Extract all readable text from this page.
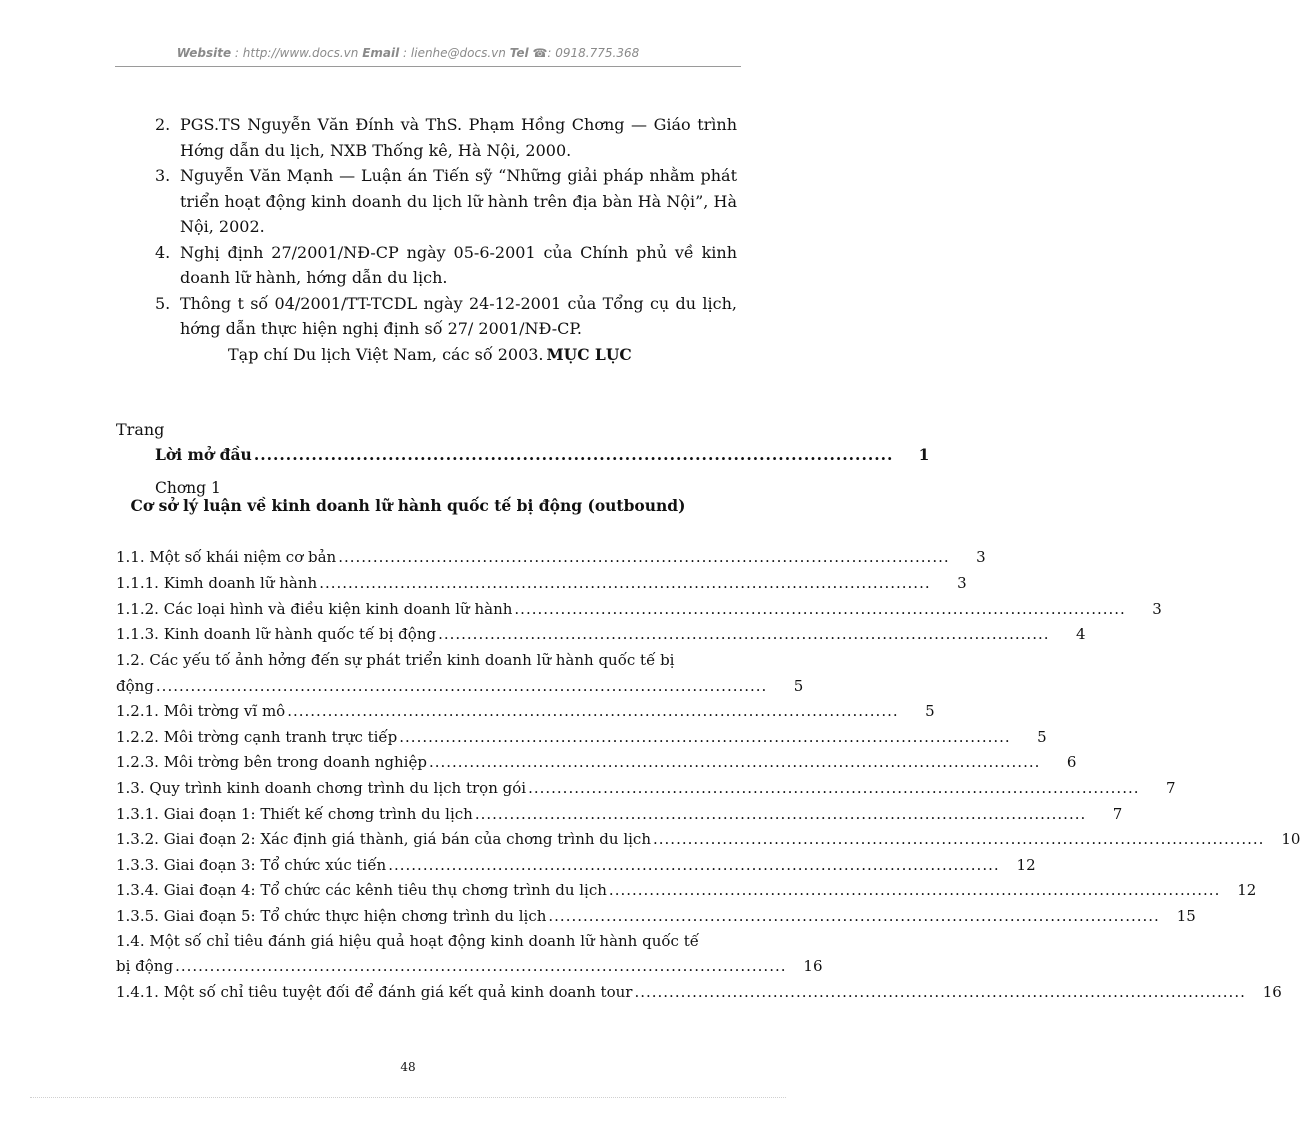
Website : http://www.docs.vn Email : lienhe@docs.vn Tel ☎: 0918.775.368
2. PGS.TS Nguyễn Văn Đính và ThS. Phạm Hồng Chơng — Giáo trình Hớng dẫn du lịch, NXB Thống kê, Hà Nội, 2000.
3. Nguyễn Văn Mạnh — Luận án Tiến sỹ “Những giải pháp nhằm phát triển hoạt động kinh doanh du lịch lữ hành trên địa bàn Hà Nội”, Hà Nội, 2002.
4. Nghị định 27/2001/NĐ-CP ngày 05-6-2001 của Chính phủ về kinh doanh lữ hành, hớng dẫn du lịch.
5. Thông t số 04/2001/TT-TCDL ngày 24-12-2001 của Tổng cụ du lịch, hớng dẫn thực hiện nghị định số 27/ 2001/NĐ-CP.
Tạp chí Du lịch Việt Nam, các số 2003. MỤC LỤC
Trang
Lời mở đầu ....................................................................................................	1
Chơng 1
Cơ sở lý luận về kinh doanh lữ hành quốc tế bị động (outbound)
1.1. Một số khái niệm cơ bản ..........................................................................................................	3
1.1.1. Kimh doanh lữ hành ..........................................................................................................	3
1.1.2. Các loại hình và điều kiện kinh doanh lữ hành ..........................................................................................................	3
1.1.3. Kinh doanh lữ hành quốc tế bị động ..........................................................................................................	4
1.2. Các yếu tố ảnh hởng đến sự phát triển kinh doanh lữ hành quốc tế bị
động ..........................................................................................................	5
1.2.1. Môi trờng vĩ mô ..........................................................................................................	5
1.2.2. Môi trờng cạnh tranh trực tiếp ..........................................................................................................	5
1.2.3. Môi trờng bên trong doanh nghiệp ..........................................................................................................	6
1.3. Quy trình kinh doanh chơng trình du lịch trọn gói ..........................................................................................................	7
1.3.1. Giai đoạn 1: Thiết kế chơng trình du lịch ..........................................................................................................	7
1.3.2. Giai đoạn 2: Xác định giá thành, giá bán của chơng trình du lịch ..........................................................................................................	10
1.3.3. Giai đoạn 3: Tổ chức xúc tiến ..........................................................................................................	12
1.3.4. Giai đoạn 4: Tổ chức các kênh tiêu thụ chơng trình du lịch ..........................................................................................................	12
1.3.5. Giai đoạn 5: Tổ chức thực hiện chơng trình du lịch ..........................................................................................................	15
1.4. Một số chỉ tiêu đánh giá hiệu quả hoạt động kinh doanh lữ hành quốc tế
bị động ..........................................................................................................	16
1.4.1. Một số chỉ tiêu tuyệt đối để đánh giá kết quả kinh doanh tour ..........................................................................................................	16
48
